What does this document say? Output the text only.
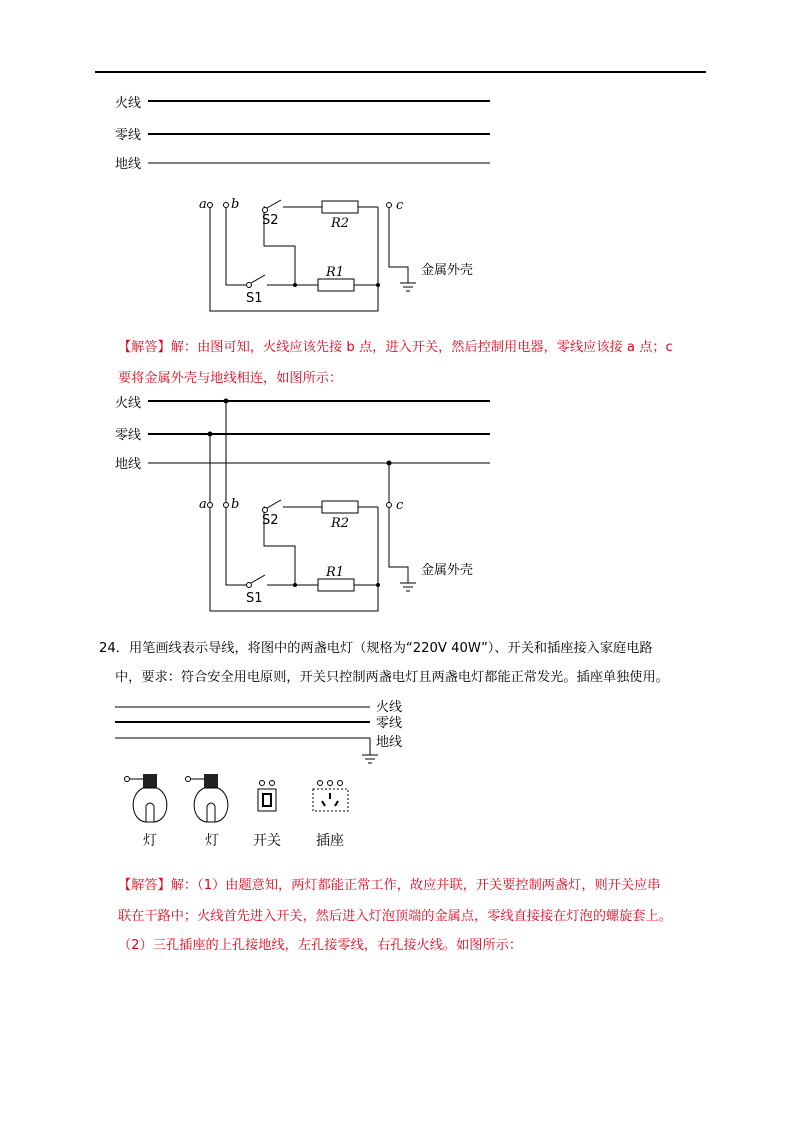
火线
零线
地线
a b	c
S1
R1
S2	R2
金属外壳
【解答】解：由图可知，火线应该先接 b 点，进入开关，然后控制用电器，零线应该接 a 点；c
要将金属外壳与地线相连，如图所示：
火线
零线
地线
a b	c
S1
R1
S2	R2
金属外壳
24．用笔画线表示导线，将图中的两盏电灯（规格为“220V 40W”）、开关和插座接入家庭电路
中，要求：符合安全用电原则，开关只控制两盏电灯且两盏电灯都能正常发光。插座单独使用。
火线
零线
地线
灯	灯 开关	插座
【解答】解：（1）由题意知，两灯都能正常工作，故应并联，开关要控制两盏灯，则开关应串
联在干路中；火线首先进入开关，然后进入灯泡顶端的金属点，零线直接接在灯泡的螺旋套上。
（2）三孔插座的上孔接地线，左孔接零线，右孔接火线。如图所示：
